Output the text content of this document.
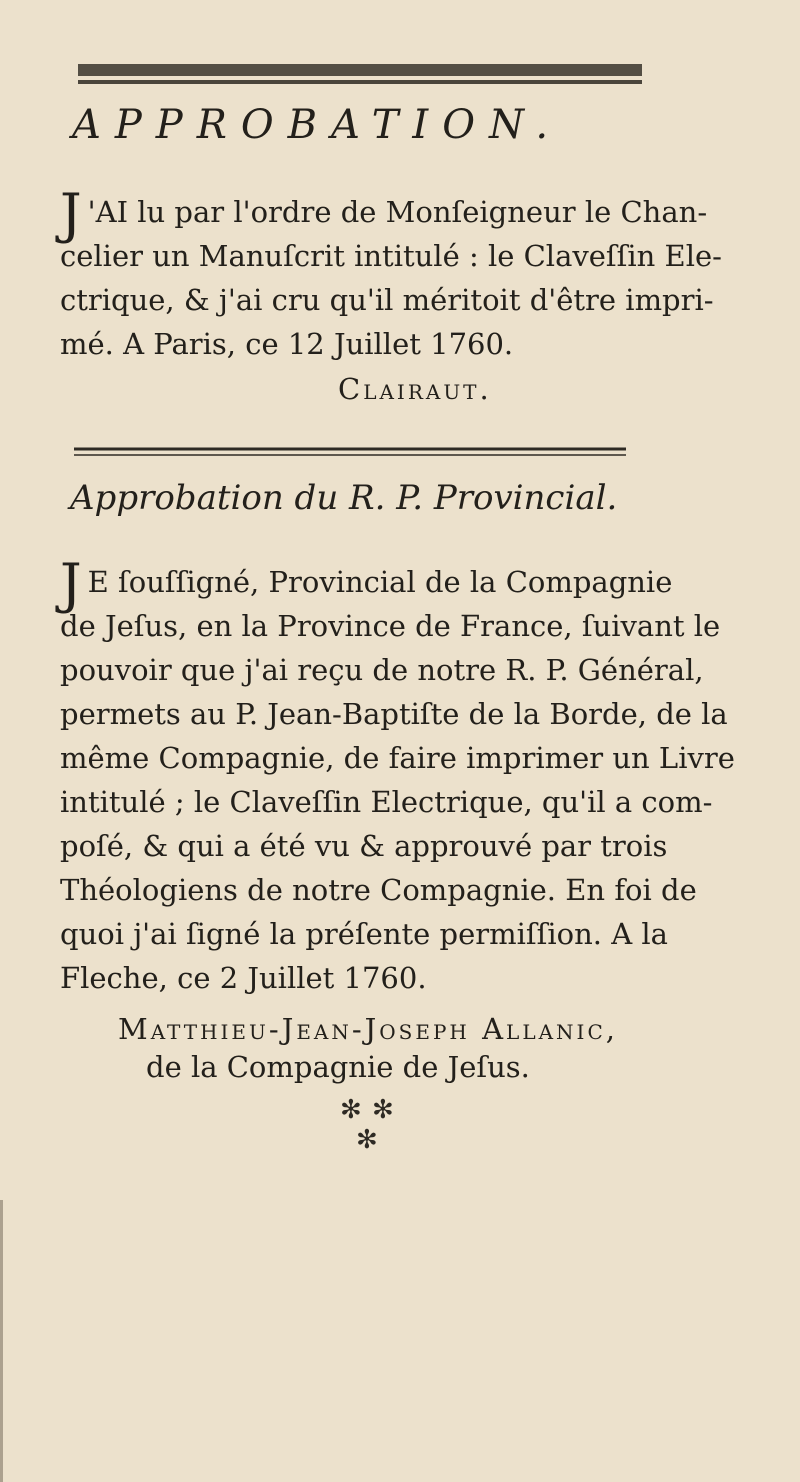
APPROBATION.
J 'AI lu par l'ordre de Monſeigneur le Chan-
celier un Manuſcrit intitulé : le Claveſſin Ele-
ctrique, & j'ai cru qu'il méritoit d'être impri-
mé. A Paris, ce 12 Juillet 1760.
Clairaut.
Approbation du R. P. Provincial.
J E ſouſſigné, Provincial de la Compagnie
de Jeſus, en la Province de France, ſuivant le
pouvoir que j'ai reçu de notre R. P. Général,
permets au P. Jean-Baptiſte de la Borde, de la
même Compagnie, de faire imprimer un Livre
intitulé ; le Claveſſin Electrique, qu'il a com-
poſé, & qui a été vu & approuvé par trois
Théologiens de notre Compagnie. En foi de
quoi j'ai ſigné la préſente permiſſion. A la
Fleche, ce 2 Juillet 1760.
Matthieu-Jean-Joseph Allanic,
de la Compagnie de Jeſus.
✻ ✻
✻
